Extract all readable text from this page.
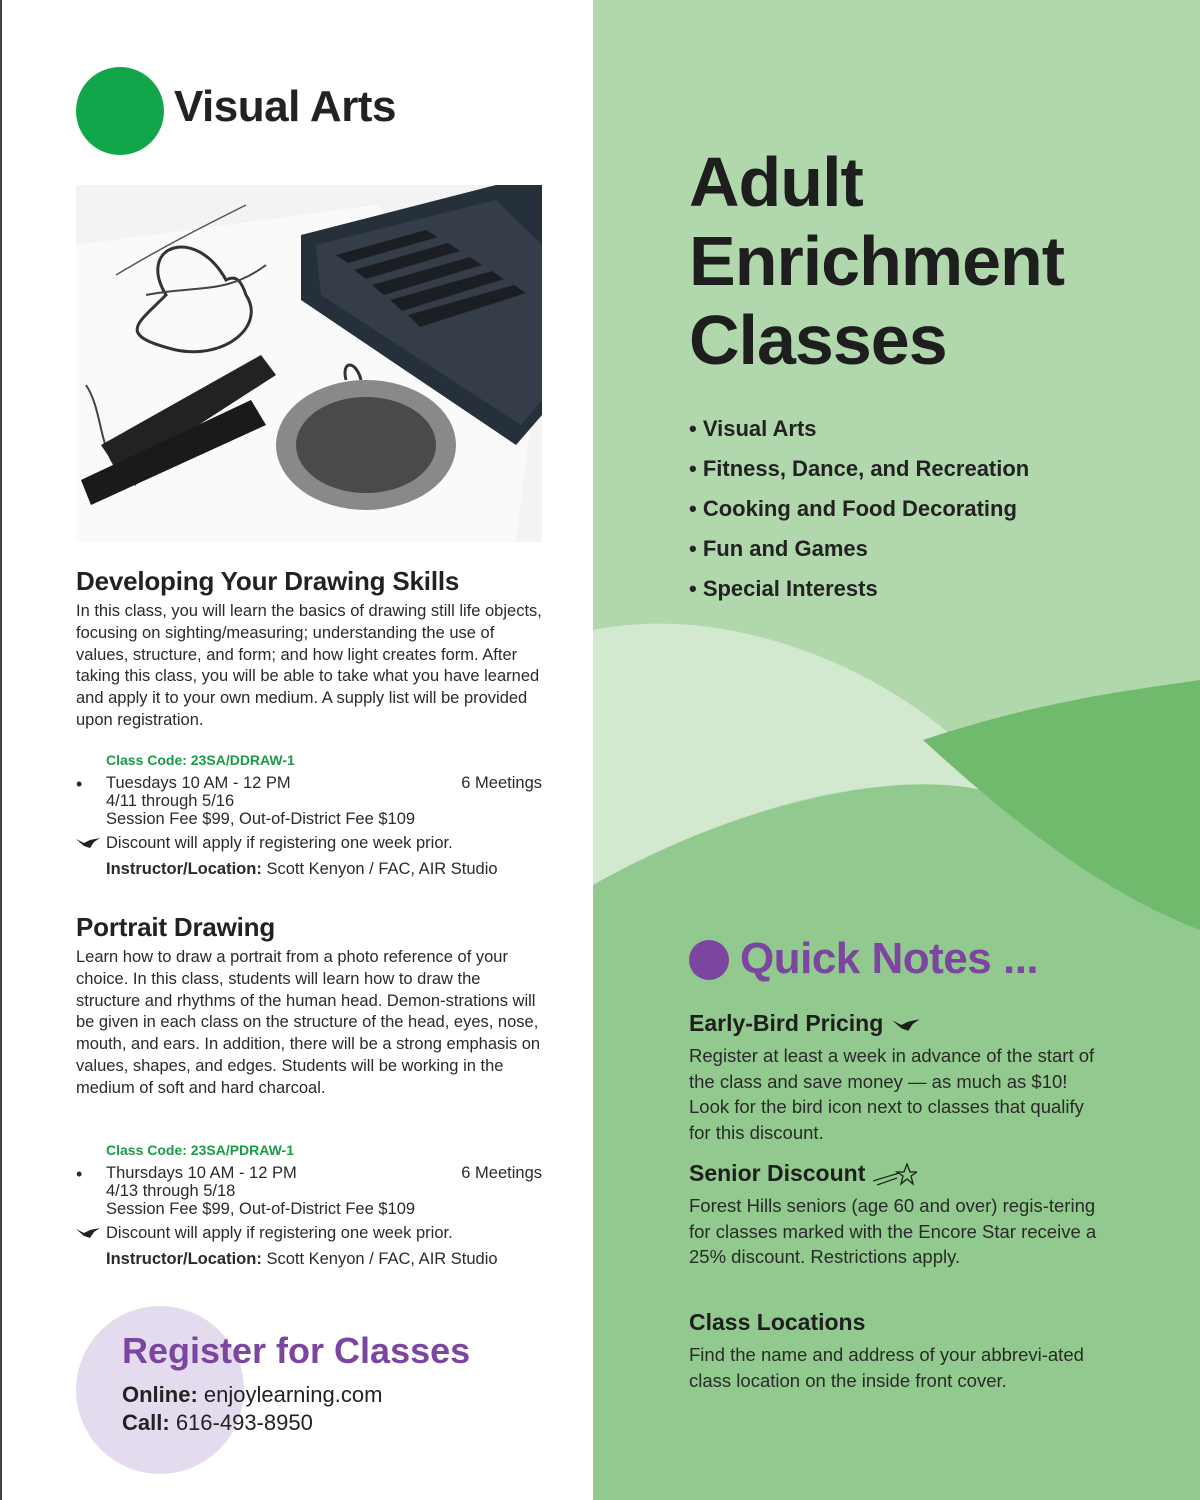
Visual Arts
Developing Your Drawing Skills

In this class, you will learn the basics of drawing still life objects, focusing on sighting/measuring; understanding the use of values, structure, and form; and how light creates form. After taking this class, you will be able to take what you have learned and apply it to your own medium. A supply list will be provided upon registration.

Class Code: 23SA/DDRAW-1
• Tuesdays 10 AM - 12 PM	6 Meetings
4/11 through 5/16
Session Fee $99, Out-of-District Fee $109
Discount will apply if registering one week prior.
Instructor/Location: Scott Kenyon / FAC, AIR Studio
Portrait Drawing

Learn how to draw a portrait from a photo reference of your choice. In this class, students will learn how to draw the structure and rhythms of the human head. Demon-strations will be given in each class on the structure of the head, eyes, nose, mouth, and ears. In addition, there will be a strong emphasis on values, shapes, and edges. Students will be working in the medium of soft and hard charcoal.

Class Code: 23SA/PDRAW-1
• Thursdays 10 AM - 12 PM	6 Meetings
4/13 through 5/18
Session Fee $99, Out-of-District Fee $109
Discount will apply if registering one week prior.
Instructor/Location: Scott Kenyon / FAC, AIR Studio
Register for Classes
Online: enjoylearning.com
Call: 616-493-8950
Adult
Enrichment
Classes
• Visual Arts
• Fitness, Dance, and Recreation
• Cooking and Food Decorating
• Fun and Games
• Special Interests
Quick Notes ...
Early-Bird Pricing

Register at least a week in advance of the start of the class and save money — as much as $10! Look for the bird icon next to classes that qualify for this discount.

Senior Discount

Forest Hills seniors (age 60 and over) regis-tering for classes marked with the Encore Star receive a 25% discount. Restrictions apply.

Class Locations

Find the name and address of your abbrevi-ated class location on the inside front cover.
